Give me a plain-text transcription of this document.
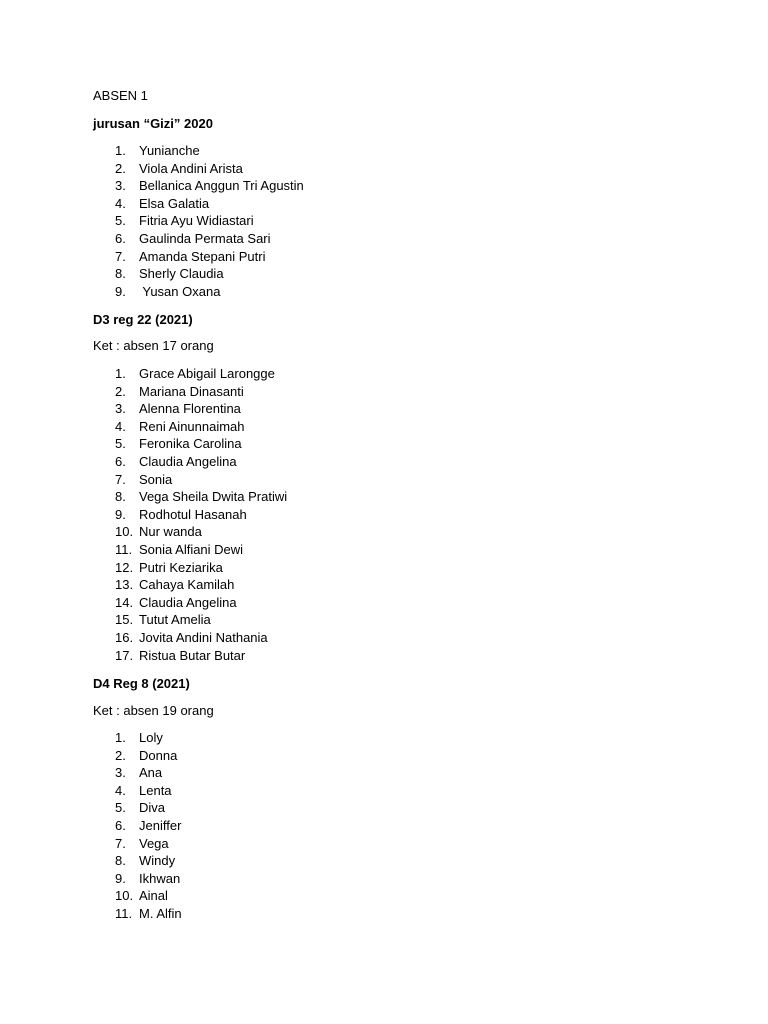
ABSEN 1
jurusan “Gizi” 2020
1. Yunianche
2. Viola Andini Arista
3. Bellanica Anggun Tri Agustin
4. Elsa Galatia
5. Fitria Ayu Widiastari
6. Gaulinda Permata Sari
7. Amanda Stepani Putri
8. Sherly Claudia
9. Yusan Oxana
D3 reg 22 (2021)
Ket : absen 17 orang
1. Grace Abigail Larongge
2. Mariana Dinasanti
3. Alenna Florentina
4. Reni Ainunnaimah
5. Feronika Carolina
6. Claudia Angelina
7. Sonia
8. Vega Sheila Dwita Pratiwi
9. Rodhotul Hasanah
10. Nur wanda
11. Sonia Alfiani Dewi
12. Putri Keziarika
13. Cahaya Kamilah
14. Claudia Angelina
15. Tutut Amelia
16. Jovita Andini Nathania
17. Ristua Butar Butar
D4 Reg 8 (2021)
Ket : absen 19 orang
1. Loly
2. Donna
3. Ana
4. Lenta
5. Diva
6. Jeniffer
7. Vega
8. Windy
9. Ikhwan
10. Ainal
11. M. Alfin
